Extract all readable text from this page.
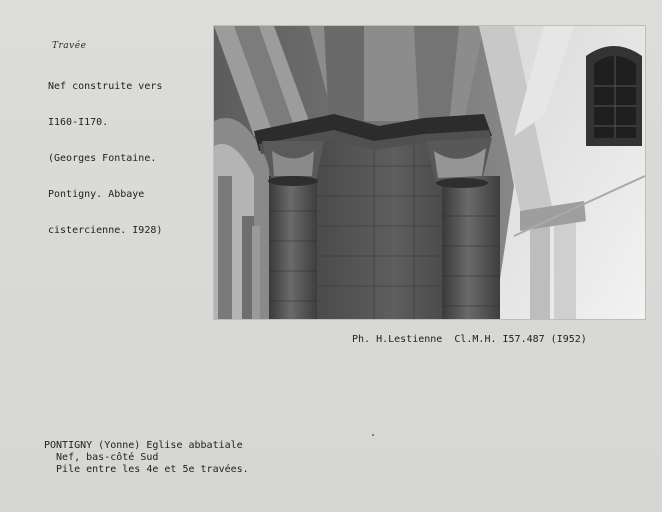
Travée

Nef construite vers

I160-I170.

(Georges Fontaine.

Pontigny. Abbaye

cistercienne. I928)

Ph. H.Lestienne  Cl.M.H. I57.487 (I952)
PONTIGNY (Yonne) Eglise abbatiale
Nef, bas-côté Sud
Pile entre les 4e et 5e travées.
